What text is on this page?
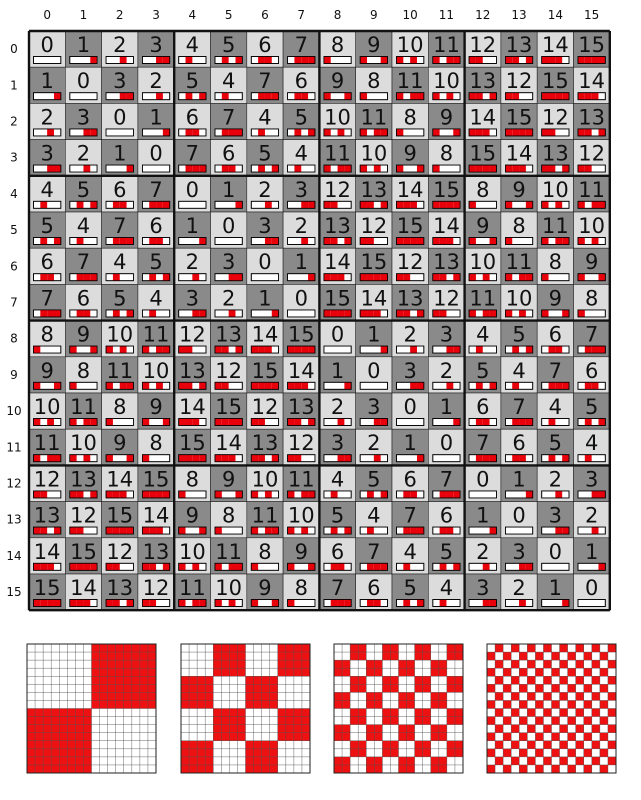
0 1 2 3 4 5 6 7 8 9 10 11 12 13 14 15
0
1
2
3
4
5
6
7
8
9
10
11
12
13
14
15
0 1 2 3 4 5 6 7 8 9 10 11 12 13 14 15
1 0 3 2 5 4 7 6 9 8 11 10 13 12 15 14
2 3 0 1 6 7 4 5 10 11 8 9 14 15 12 13
3 2 1 0 7 6 5 4 11 10 9 8 15 14 13 12
4 5 6 7 0 1 2 3 12 13 14 15 8 9 10 11
5 4 7 6 1 0 3 2 13 12 15 14 9 8 11 10
6 7 4 5 2 3 0 1 14 15 12 13 10 11 8 9
7 6 5 4 3 2 1 0 15 14 13 12 11 10 9 8
8 9 10 11 12 13 14 15 0 1 2 3 4 5 6 7
9 8 11 10 13 12 15 14 1 0 3 2 5 4 7 6
10 11 8 9 14 15 12 13 2 3 0 1 6 7 4 5
11 10 9 8 15 14 13 12 3 2 1 0 7 6 5 4
12 13 14 15 8 9 10 11 4 5 6 7 0 1 2 3
13 12 15 14 9 8 11 10 5 4 7 6 1 0 3 2
14 15 12 13 10 11 8 9 6 7 4 5 2 3 0 1
15 14 13 12 11 10 9 8 7 6 5 4 3 2 1 0
